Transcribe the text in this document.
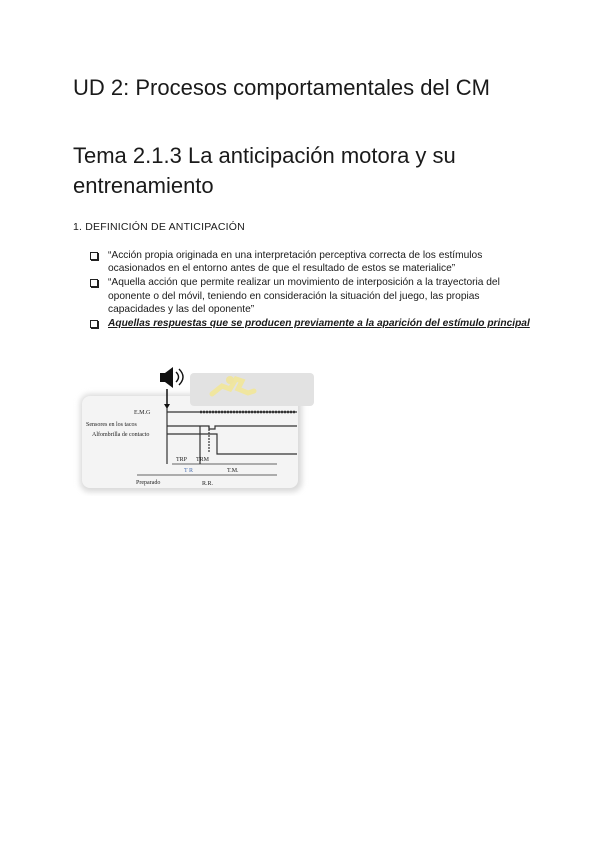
UD 2: Procesos comportamentales del CM
Tema 2.1.3 La anticipación motora y su entrenamiento
1. DEFINICIÓN DE ANTICIPACIÓN
“Acción propia originada en una interpretación perceptiva correcta de los estímulos ocasionados en el entorno antes de que el resultado de estos se materialice”
“Aquella acción que permite realizar un movimiento de interposición a la trayectoria del oponente o del móvil, teniendo en consideración la situación del juego, las propias capacidades y las del oponente”
Aquellas respuestas que se producen previamente a la aparición del estímulo principal
E.M.G
Sensores en los tacos
Alfombrilla de contacto
TRP TRM
T R	T.M.
Preparado	R.R.
